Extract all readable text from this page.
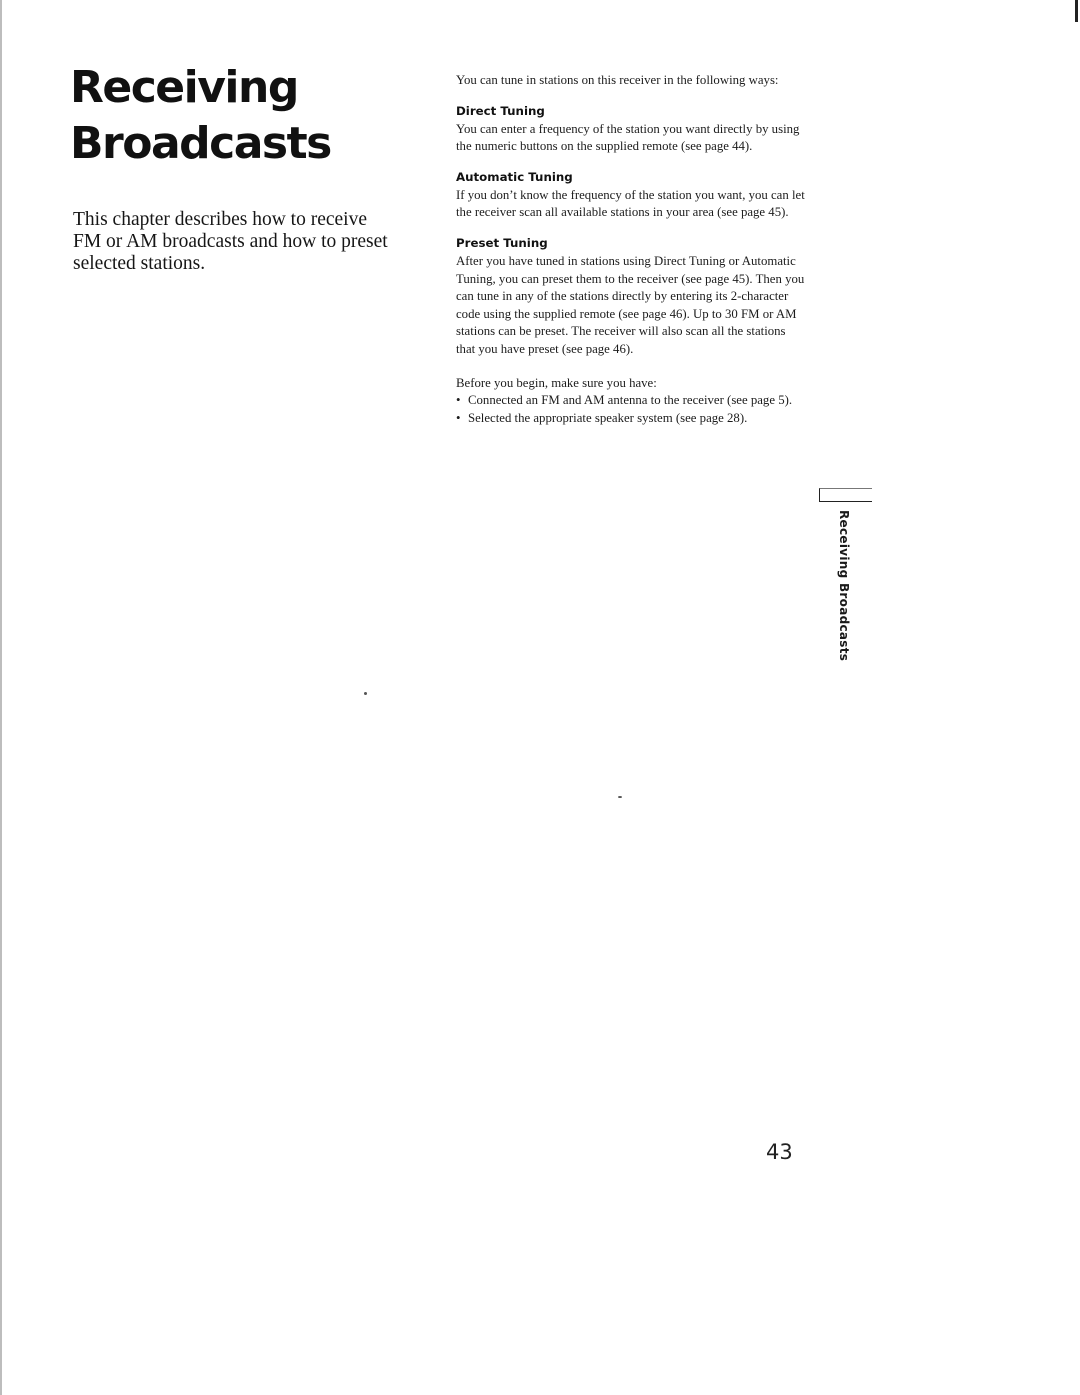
Receiving
Broadcasts

This chapter describes how to receive FM or AM broadcasts and how to preset selected stations.

You can tune in stations on this receiver in the following ways:

Direct Tuning

You can enter a frequency of the station you want directly by using the numeric buttons on the supplied remote (see page 44).

Automatic Tuning

If you don’t know the frequency of the station you want, you can let the receiver scan all available stations in your area (see page 45).

Preset Tuning

After you have tuned in stations using Direct Tuning or Automatic Tuning, you can preset them to the receiver (see page 45). Then you can tune in any of the stations directly by entering its 2-character code using the supplied remote (see page 46). Up to 30 FM or AM stations can be preset. The receiver will also scan all the stations that you have preset (see page 46).

Before you begin, make sure you have:

• Connected an FM and AM antenna to the receiver (see page 5).
• Selected the appropriate speaker system (see page 28).
Receiving Broadcasts
43
